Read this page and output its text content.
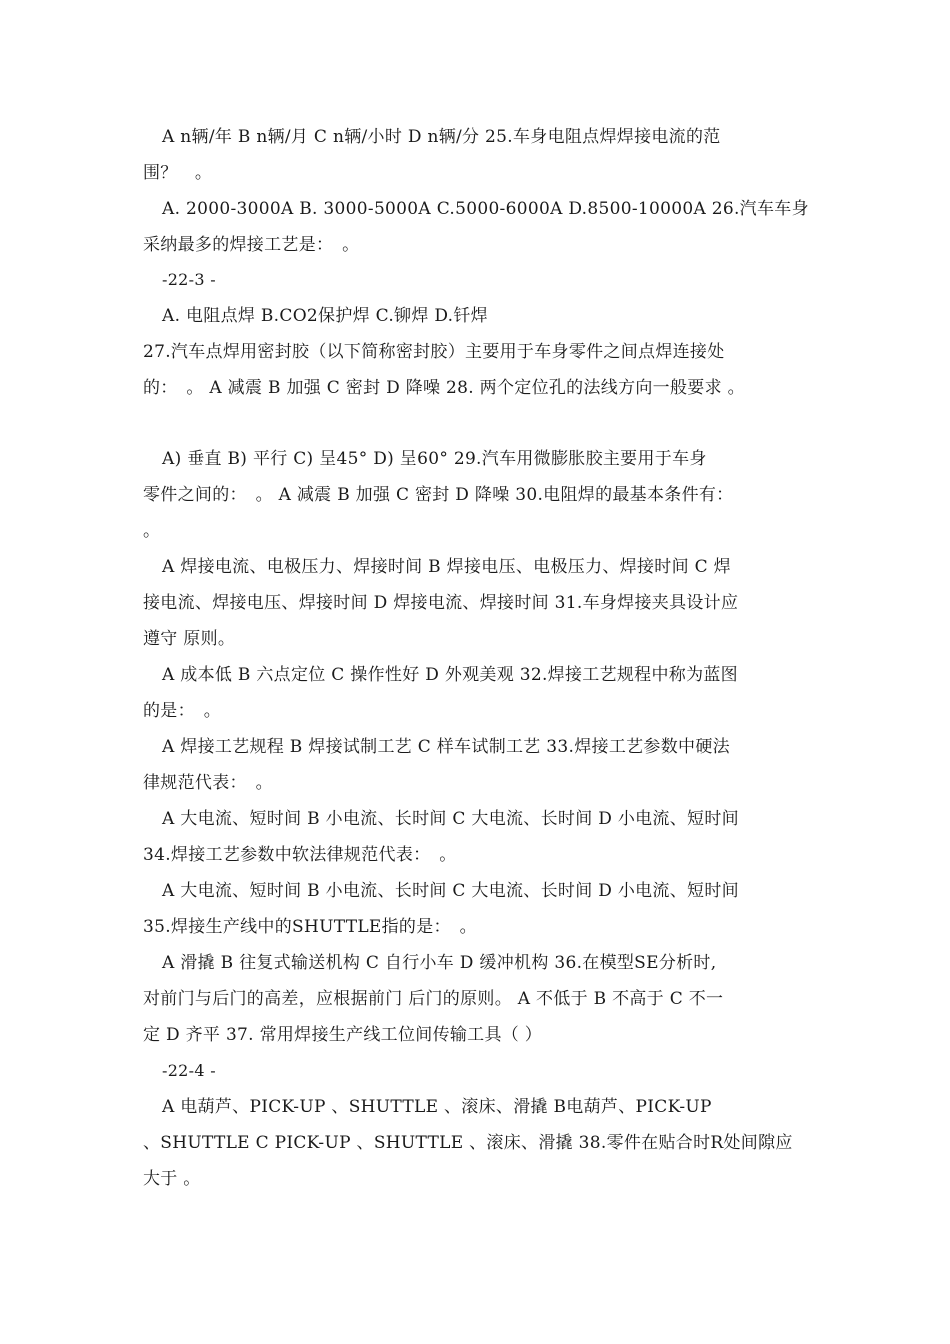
A n辆/年 B n辆/月 C n辆/小时 D n辆/分 25.车身电阻点焊焊接电流的范
围？　。
A. 2000-3000A B. 3000-5000A C.5000-6000A D.8500-10000A 26.汽车车身
采纳最多的焊接工艺是：　。
-22-3 -
A. 电阻点焊 B.CO2保护焊 C.铆焊 D.钎焊
27.汽车点焊用密封胶（以下简称密封胶）主要用于车身零件之间点焊连接处
的：　。 A 减震 B 加强 C 密封 D 降噪 28. 两个定位孔的法线方向一般要求 。
A) 垂直 B) 平行 C) 呈45° D) 呈60° 29.汽车用微膨胀胶主要用于车身
零件之间的：　。 A 减震 B 加强 C 密封 D 降噪 30.电阻焊的最基本条件有：
。
A 焊接电流、电极压力、焊接时间 B 焊接电压、电极压力、焊接时间 C 焊
接电流、焊接电压、焊接时间 D 焊接电流、焊接时间 31.车身焊接夹具设计应
遵守 原则。
A 成本低 B 六点定位 C 操作性好 D 外观美观 32.焊接工艺规程中称为蓝图
的是：　。
A 焊接工艺规程 B 焊接试制工艺 C 样车试制工艺 33.焊接工艺参数中硬法
律规范代表：　。
A 大电流、短时间 B 小电流、长时间 C 大电流、长时间 D 小电流、短时间
34.焊接工艺参数中软法律规范代表：　。
A 大电流、短时间 B 小电流、长时间 C 大电流、长时间 D 小电流、短时间
35.焊接生产线中的SHUTTLE指的是：　。
A 滑撬 B 往复式输送机构 C 自行小车 D 缓冲机构 36.在模型SE分析时,
对前门与后门的高差，应根据前门 后门的原则。 A 不低于 B 不高于 C 不一
定 D 齐平 37. 常用焊接生产线工位间传输工具（ ）
-22-4 -
A 电葫芦、PICK-UP 、SHUTTLE 、滚床、滑撬 B电葫芦、PICK-UP
、SHUTTLE C PICK-UP 、SHUTTLE 、滚床、滑撬 38.零件在贴合时R处间隙应
大于 。
